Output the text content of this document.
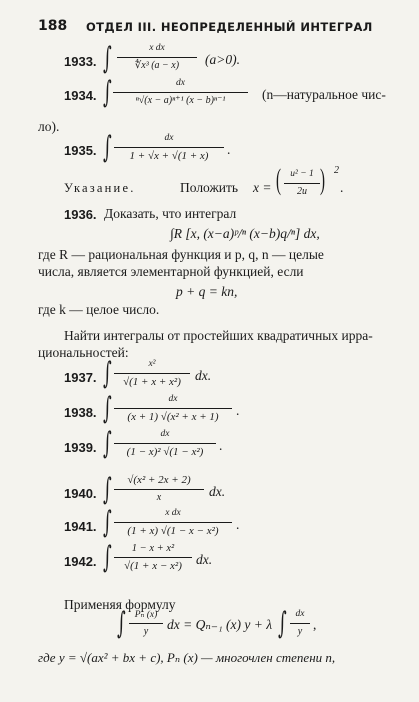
188 ОТДЕЛ III. НЕОПРЕДЕЛЕННЫЙ ИНТЕГРАЛ
1933. ∫	x dx
∜x³ (a − x)	(a>0).
1934. ∫	dx
ⁿ√(x − a)ⁿ⁺¹ (x − b)ⁿ⁻¹	(n—натуральное чис-
ло).
1935. ∫	dx
1 + √x + √(1 + x)	.
Указание.	Положить x = ( u² − 1
2u ) 2
.
1936. Доказать, что интеграл
∫R [x, (x−a)ᵖ/ⁿ (x−b)q/ⁿ] dx,
где R — рациональная функция и p, q, n — целые
числа, является элементарной функцией, если
p + q = kn,
где k — целое число.
Найти интегралы от простейших квадратичных ирра-
циональностей:
1937. ∫	x²
√(1 + x + x²)	dx.
1938. ∫	dx
(x + 1) √(x² + x + 1)	.
1939. ∫	dx
(1 − x)² √(1 − x²)	.
1940. ∫	√(x² + 2x + 2)
x	dx.
1941. ∫	x dx
(1 + x) √(1 − x − x²)	.
1942. ∫	1 − x + x²
√(1 + x − x²)	dx.
Применяя формулу
∫ Pₙ (x)
y	dx = Qₙ₋₁ (x) y + λ ∫ dx
y ,
где y = √(ax² + bx + c), Pₙ (x) — многочлен степени n,
